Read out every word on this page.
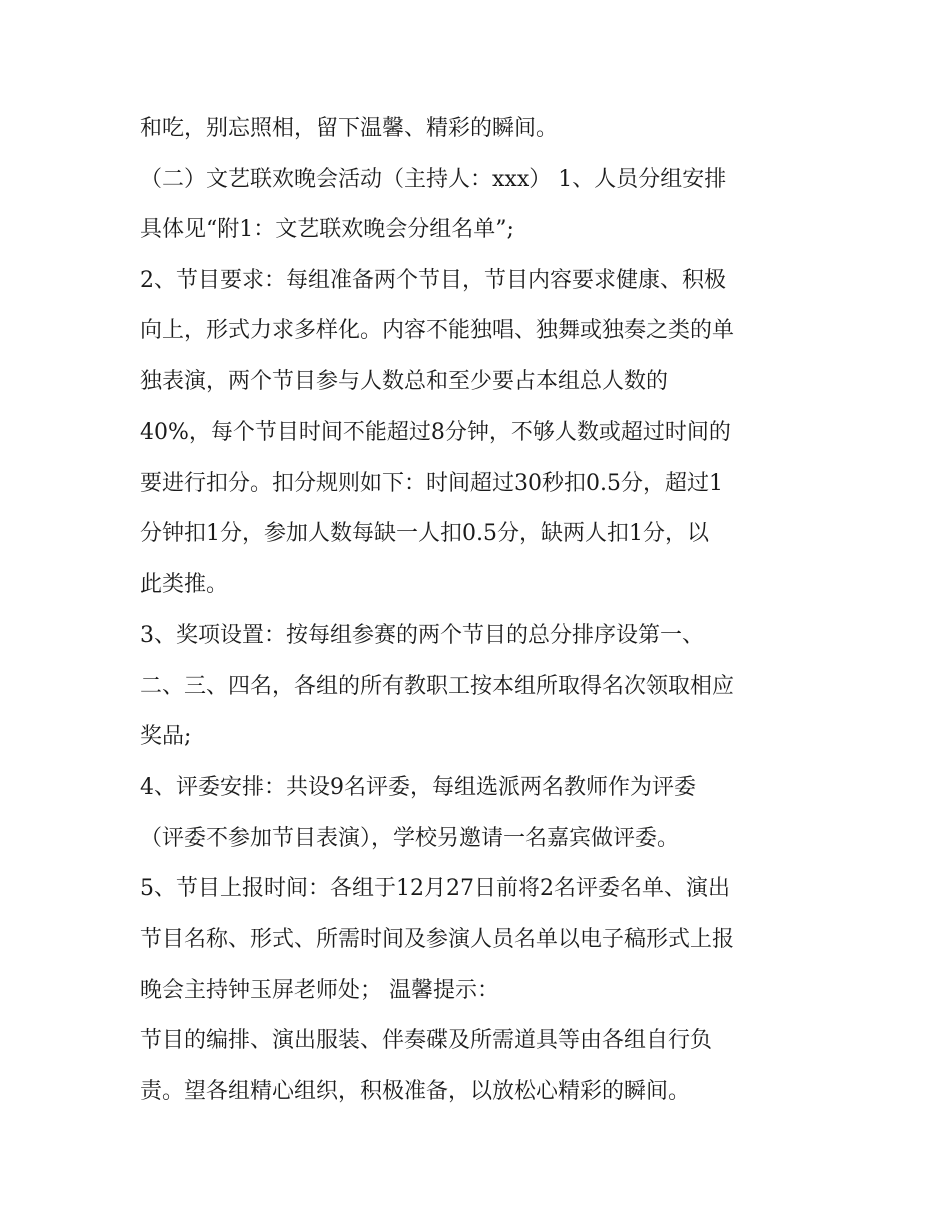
和吃，别忘照相，留下温馨、精彩的瞬间。
（二）文艺联欢晚会活动（主持人：xxx） 1、人员分组安排
具体见“附1：文艺联欢晚会分组名单”;
2、节目要求：每组准备两个节目，节目内容要求健康、积极
向上，形式力求多样化。内容不能独唱、独舞或独奏之类的单
独表演，两个节目参与人数总和至少要占本组总人数的
40%，每个节目时间不能超过8分钟，不够人数或超过时间的
要进行扣分。扣分规则如下：时间超过30秒扣0.5分，超过1
分钟扣1分，参加人数每缺一人扣0.5分，缺两人扣1分，以
此类推。
3、奖项设置：按每组参赛的两个节目的总分排序设第一、
二、三、四名，各组的所有教职工按本组所取得名次领取相应
奖品;
4、评委安排：共设9名评委，每组选派两名教师作为评委
（评委不参加节目表演），学校另邀请一名嘉宾做评委。
5、节目上报时间：各组于12月27日前将2名评委名单、演出
节目名称、形式、所需时间及参演人员名单以电子稿形式上报
晚会主持钟玉屏老师处； 温馨提示：
节目的编排、演出服装、伴奏碟及所需道具等由各组自行负
责。望各组精心组织，积极准备，以放松心精彩的瞬间。
